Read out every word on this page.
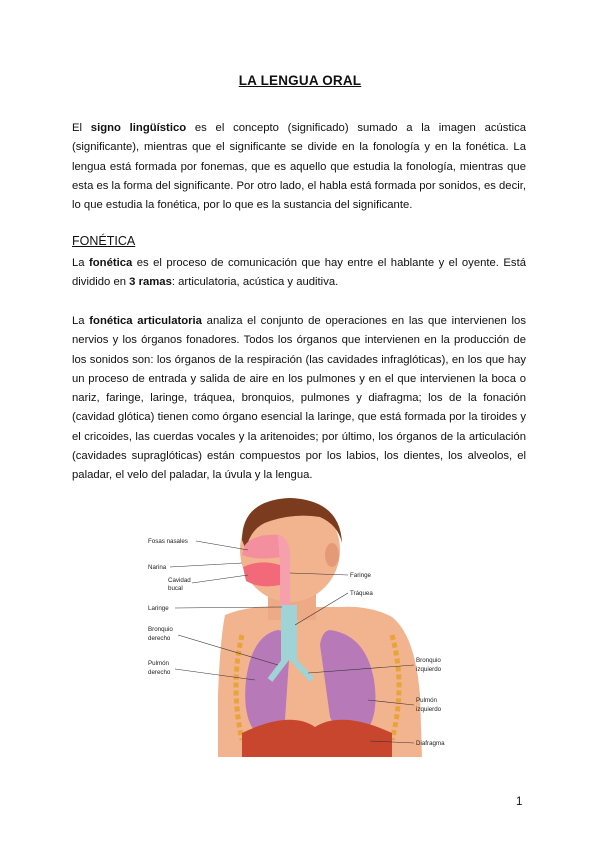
LA LENGUA ORAL

El signo lingüístico es el concepto (significado) sumado a la imagen acústica (significante), mientras que el significante se divide en la fonología y en la fonética. La lengua está formada por fonemas, que es aquello que estudia la fonología, mientras que esta es la forma del significante. Por otro lado, el habla está formada por sonidos, es decir, lo que estudia la fonética, por lo que es la sustancia del significante.

FONÉTICA

La fonética es el proceso de comunicación que hay entre el hablante y el oyente. Está dividido en 3 ramas: articulatoria, acústica y auditiva.

La fonética articulatoria analiza el conjunto de operaciones en las que intervienen los nervios y los órganos fonadores. Todos los órganos que intervienen en la producción de los sonidos son: los órganos de la respiración (las cavidades infraglóticas), en los que hay un proceso de entrada y salida de aire en los pulmones y en el que intervienen la boca o nariz, faringe, laringe, tráquea, bronquios, pulmones y diafragma; los de la fonación (cavidad glótica) tienen como órgano esencial la laringe, que está formada por la tiroides y el cricoides, las cuerdas vocales y la aritenoides; por último, los órganos de la articulación (cavidades supraglóticas) están compuestos por los labios, los dientes, los alveolos, el paladar, el velo del paladar, la úvula y la lengua.

Fosas nasales
Narina
Cavidad
bucal
Laringe
Bronquio
derecho
Pulmón
derecho
Faringe
Tráquea
Bronquio
izquierdo
Pulmón
izquierdo
Diafragma
1
